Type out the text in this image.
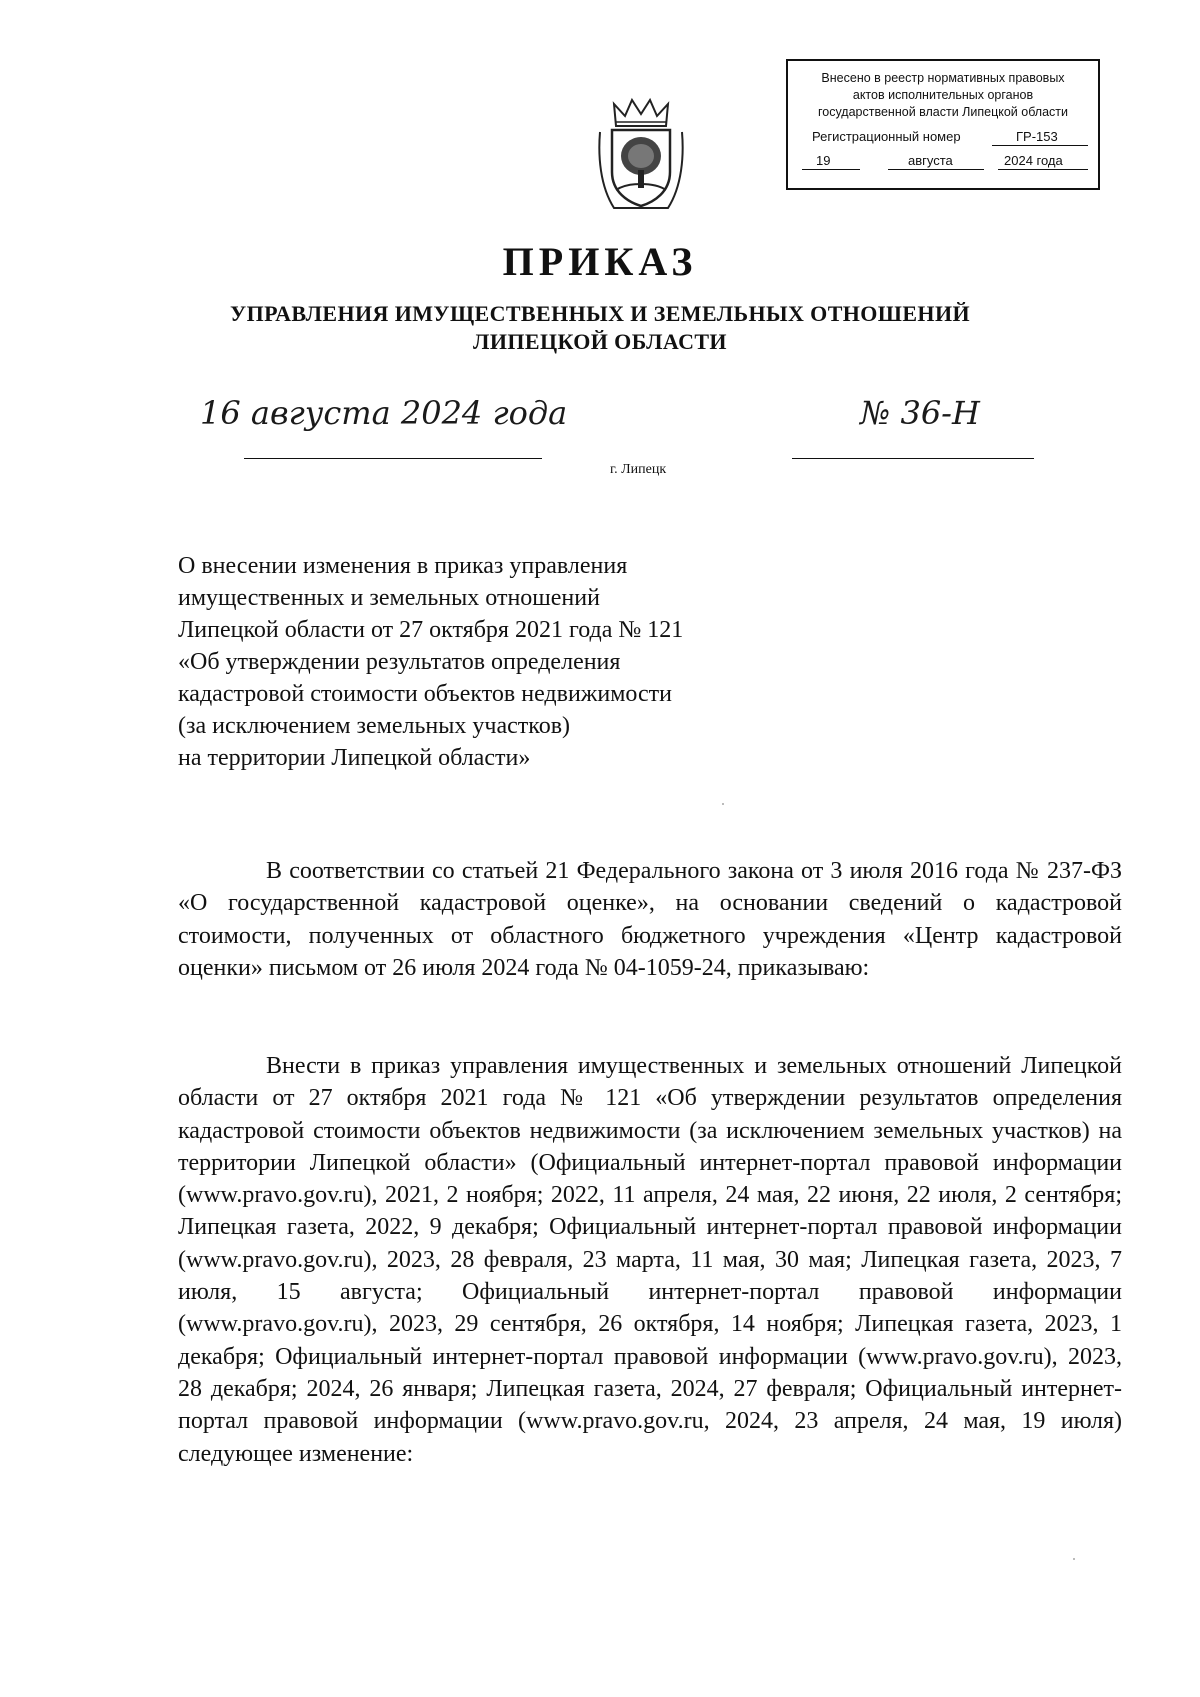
Внесено в реестр нормативных правовых
актов исполнительных органов
государственной власти Липецкой области
Регистрационный номер	ГР-153
19	августа	2024 года
ПРИКАЗ
УПРАВЛЕНИЯ ИМУЩЕСТВЕННЫХ И ЗЕМЕЛЬНЫХ ОТНОШЕНИЙ
ЛИПЕЦКОЙ ОБЛАСТИ
16 августа 2024 года	№ 36-Н
г. Липецк
О внесении изменения в приказ управления
имущественных и земельных отношений
Липецкой области от 27 октября 2021 года № 121
«Об утверждении результатов определения
кадастровой стоимости объектов недвижимости
(за исключением земельных участков)
на территории Липецкой области»
В соответствии со статьей 21 Федерального закона от 3 июля 2016 года № 237-ФЗ «О государственной кадастровой оценке», на основании сведений о кадастровой стоимости, полученных от областного бюджетного учреждения «Центр кадастровой оценки» письмом от 26 июля 2024 года № 04-1059-24, приказываю:
Внести в приказ управления имущественных и земельных отношений Липецкой области от 27 октября 2021 года № 121 «Об утверждении результатов определения кадастровой стоимости объектов недвижимости (за исключением земельных участков) на территории Липецкой области» (Официальный интернет-портал правовой информации (www.pravo.gov.ru), 2021, 2 ноября; 2022, 11 апреля, 24 мая, 22 июня, 22 июля, 2 сентября; Липецкая газета, 2022, 9 декабря; Официальный интернет-портал правовой информации (www.pravo.gov.ru), 2023, 28 февраля, 23 марта, 11 мая, 30 мая; Липецкая газета, 2023, 7 июля, 15 августа; Официальный интернет-портал правовой информации (www.pravo.gov.ru), 2023, 29 сентября, 26 октября, 14 ноября; Липецкая газета, 2023, 1 декабря; Официальный интернет-портал правовой информации (www.pravo.gov.ru), 2023, 28 декабря; 2024, 26 января; Липецкая газета, 2024, 27 февраля; Официальный интернет-портал правовой информации (www.pravo.gov.ru, 2024, 23 апреля, 24 мая, 19 июля) следующее изменение:
